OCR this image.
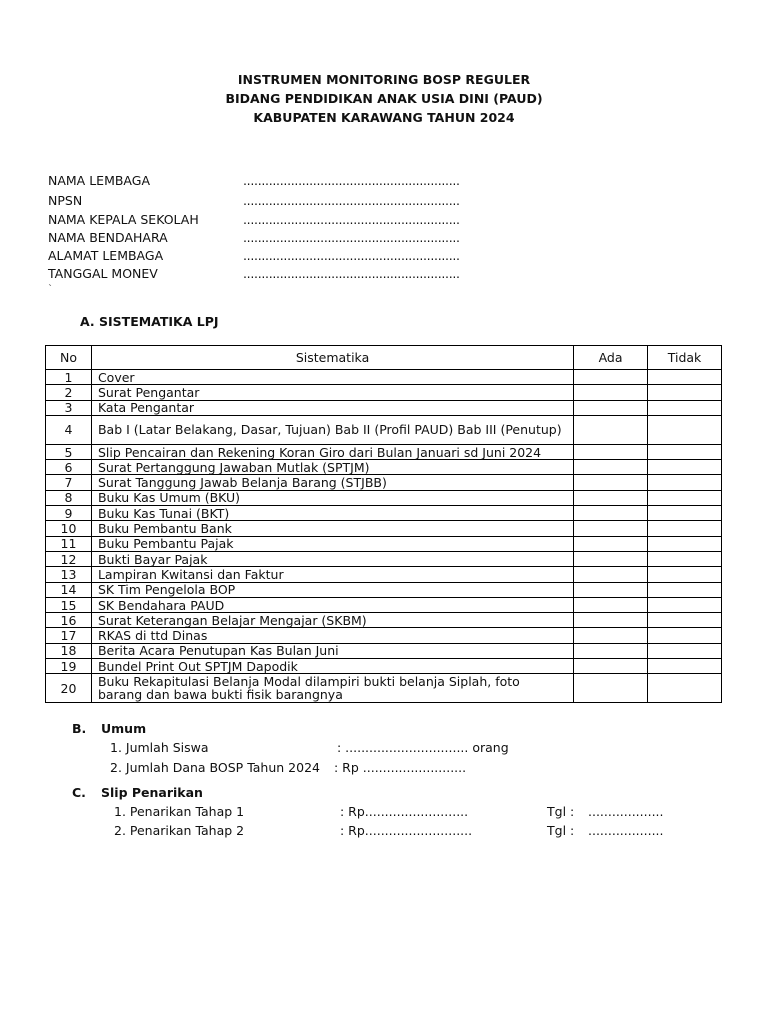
INSTRUMEN MONITORING BOSP REGULER
BIDANG PENDIDIKAN ANAK USIA DINI (PAUD)
KABUPATEN KARAWANG TAHUN 2024
NAMA LEMBAGA	...........................................................
NPSN	...........................................................
NAMA KEPALA SEKOLAH	...........................................................
NAMA BENDAHARA	...........................................................
ALAMAT LEMBAGA	...........................................................
TANGGAL MONEV	...........................................................
`
A. SISTEMATIKA LPJ
No	Sistematika	Ada	Tidak
1	Cover		
2	Surat Pengantar		
3	Kata Pengantar		
4	Bab I (Latar Belakang, Dasar, Tujuan) Bab II (Profil PAUD) Bab III (Penutup)		
5	Slip Pencairan dan Rekening Koran Giro dari Bulan Januari sd Juni 2024		
6	Surat Pertanggung Jawaban Mutlak (SPTJM)		
7	Surat Tanggung Jawab Belanja Barang (STJBB)		
8	Buku Kas Umum (BKU)		
9	Buku Kas Tunai (BKT)		
10	Buku Pembantu Bank		
11	Buku Pembantu Pajak		
12	Bukti Bayar Pajak		
13	Lampiran Kwitansi dan Faktur		
14	SK Tim Pengelola BOP		
15	SK Bendahara PAUD		
16	Surat Keterangan Belajar Mengajar (SKBM)		
17	RKAS di ttd Dinas		
18	Berita Acara Penutupan Kas Bulan Juni		
19	Bundel Print Out SPTJM Dapodik		
20	Buku Rekapitulasi Belanja Modal dilampiri bukti belanja Siplah, foto barang dan bawa bukti fisik barangnya		
B. Umum
1. Jumlah Siswa	: ............................... orang
2. Jumlah Dana BOSP Tahun 2024 : Rp ..........................
C. Slip Penarikan
1. Penarikan Tahap 1	: Rp..........................	Tgl : ...................
2. Penarikan Tahap 2	: Rp...........................	Tgl : ...................
